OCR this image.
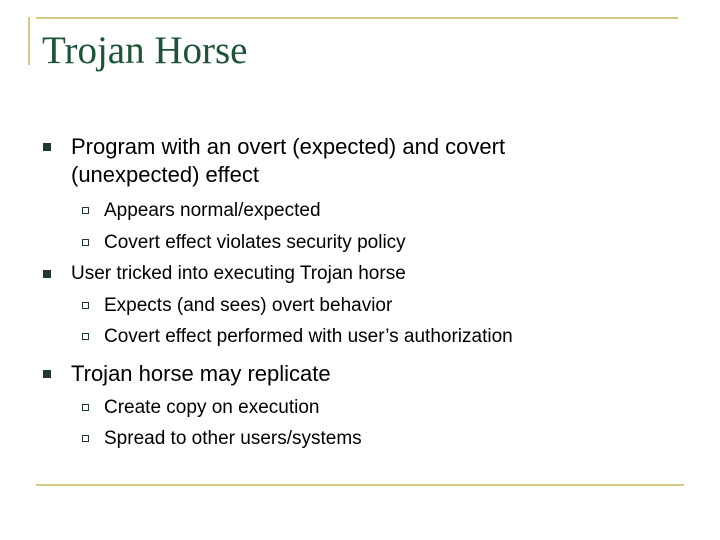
Trojan Horse
Program with an overt (expected) and covert
(unexpected) effect
Appears normal/expected
Covert effect violates security policy
User tricked into executing Trojan horse
Expects (and sees) overt behavior
Covert effect performed with user’s authorization
Trojan horse may replicate
Create copy on execution
Spread to other users/systems
